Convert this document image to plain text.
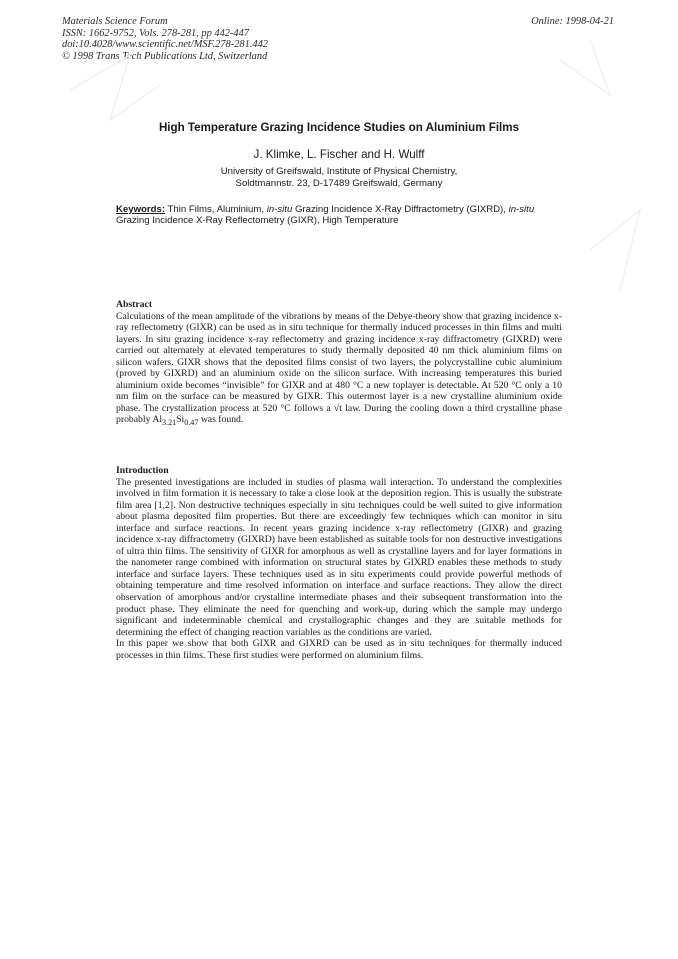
Materials Science Forum
ISSN: 1662-9752, Vols. 278-281, pp 442-447
doi:10.4028/www.scientific.net/MSF.278-281.442
© 1998 Trans Tech Publications Ltd, Switzerland
Online: 1998-04-21
High Temperature Grazing Incidence Studies on Aluminium Films
J. Klimke, L. Fischer and H. Wulff
University of Greifswald, Institute of Physical Chemistry,
Soldtmannstr. 23, D-17489 Greifswald, Germany
Keywords: Thin Films, Aluminium, in-situ Grazing Incidence X-Ray Diffractometry (GIXRD), in-situ Grazing Incidence X-Ray Reflectometry (GIXR), High Temperature
Abstract

Calculations of the mean amplitude of the vibrations by means of the Debye-theory show that grazing incidence x-ray reflectometry (GIXR) can be used as in situ technique for thermally induced processes in thin films and multi layers. In situ grazing incidence x-ray reflectometry and grazing incidence x-ray diffractometry (GIXRD) were carried out alternately at elevated temperatures to study thermally deposited 40 nm thick aluminium films on silicon wafers. GIXR shows that the deposited films consist of two layers, the polycrystalline cubic aluminium (proved by GIXRD) and an aluminium oxide on the silicon surface. With increasing temperatures this buried aluminium oxide becomes “invisible” for GIXR and at 480 °C a new toplayer is detectable. At 520 °C only a 10 nm film on the surface can be measured by GIXR. This outermost layer is a new crystalline aluminium oxide phase. The crystallization process at 520 °C follows a √t law. During the cooling down a third crystalline phase probably $Al_{3.21}Si_{0.47}$ was found.

Introduction

The presented investigations are included in studies of plasma wall interaction. To understand the complexities involved in film formation it is necessary to take a close look at the deposition region. This is usually the substrate film area [1,2]. Non destructive techniques especially in situ techniques could be well suited to give information about plasma deposited film properties. But there are exceedingly few techniques which can monitor in situ interface and surface reactions. In recent years grazing incidence x-ray reflectometry (GIXR) and grazing incidence x-ray diffractometry (GIXRD) have been established as suitable tools for non destructive investigations of ultra thin films. The sensitivity of GIXR for amorphous as well as crystalline layers and for layer formations in the nanometer range combined with information on structural states by GIXRD enables these methods to study interface and surface layers. These techniques used as in situ experiments could provide powerful methods of obtaining temperature and time resolved information on interface and surface reactions. They allow the direct observation of amorphous and/or crystalline intermediate phases and their subsequent transformation into the product phase. They eliminate the need for quenching and work-up, during which the sample may undergo significant and indeterminable chemical and crystallographic changes and they are suitable methods for determining the effect of changing reaction variables as the conditions are varied.

In this paper we show that both GIXR and GIXRD can be used as in situ techniques for thermally induced processes in thin films. These first studies were performed on aluminium films.
